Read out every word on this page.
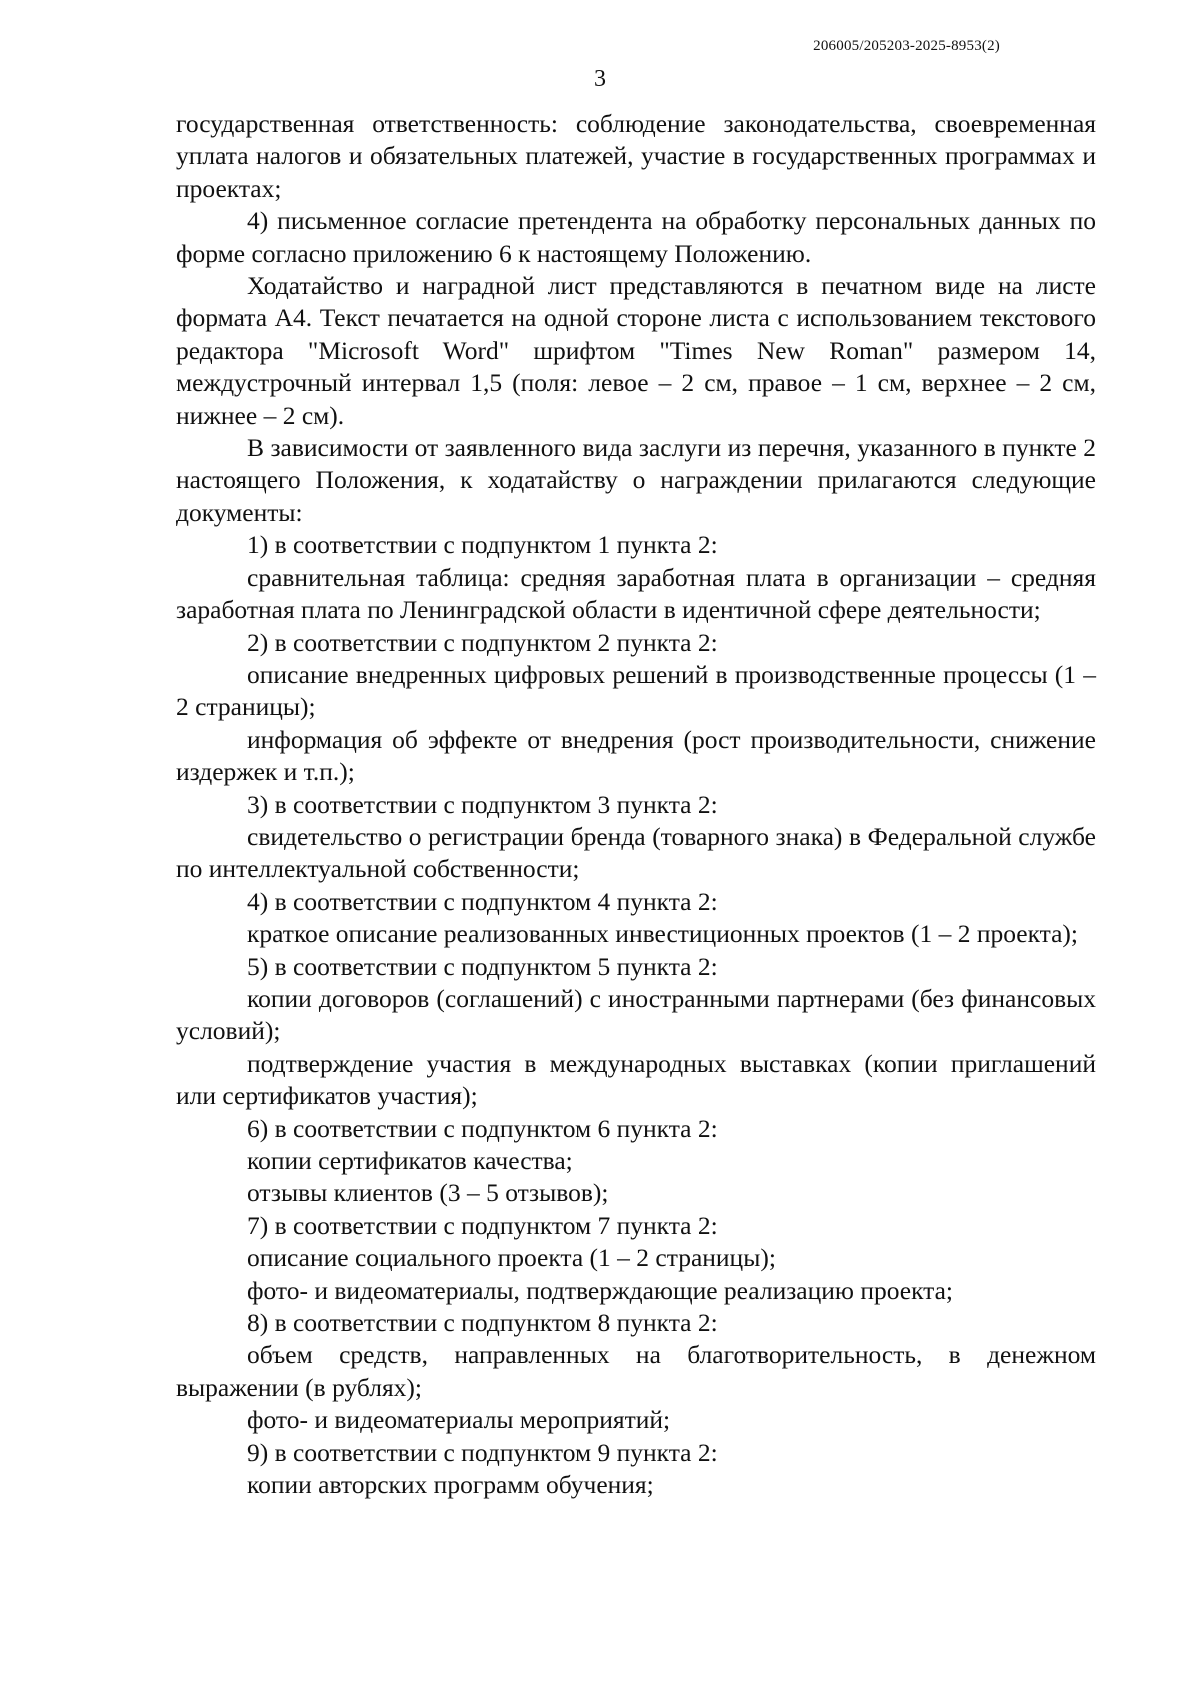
206005/205203-2025-8953(2)
3

государственная ответственность: соблюдение законодательства, своевременная уплата налогов и обязательных платежей, участие в государственных программах и проектах;

4) письменное согласие претендента на обработку персональных данных по форме согласно приложению 6 к настоящему Положению.

Ходатайство и наградной лист представляются в печатном виде на листе формата А4. Текст печатается на одной стороне листа с использованием текстового редактора "Microsoft Word" шрифтом "Times New Roman" размером 14, междустрочный интервал 1,5 (поля: левое – 2 см, правое – 1 см, верхнее – 2 см, нижнее – 2 см).

В зависимости от заявленного вида заслуги из перечня, указанного в пункте 2 настоящего Положения, к ходатайству о награждении прилагаются следующие документы:

1) в соответствии с подпунктом 1 пункта 2:

сравнительная таблица: средняя заработная плата в организации – средняя заработная плата по Ленинградской области в идентичной сфере деятельности;

2) в соответствии с подпунктом 2 пункта 2:

описание внедренных цифровых решений в производственные процессы (1 – 2 страницы);

информация об эффекте от внедрения (рост производительности, снижение издержек и т.п.);

3) в соответствии с подпунктом 3 пункта 2:

свидетельство о регистрации бренда (товарного знака) в Федеральной службе по интеллектуальной собственности;

4) в соответствии с подпунктом 4 пункта 2:

краткое описание реализованных инвестиционных проектов (1 – 2 проекта);

5) в соответствии с подпунктом 5 пункта 2:

копии договоров (соглашений) с иностранными партнерами (без финансовых условий);

подтверждение участия в международных выставках (копии приглашений или сертификатов участия);

6) в соответствии с подпунктом 6 пункта 2:

копии сертификатов качества;

отзывы клиентов (3 – 5 отзывов);

7) в соответствии с подпунктом 7 пункта 2:

описание социального проекта (1 – 2 страницы);

фото- и видеоматериалы, подтверждающие реализацию проекта;

8) в соответствии с подпунктом 8 пункта 2:

объем средств, направленных на благотворительность, в денежном выражении (в рублях);

фото- и видеоматериалы мероприятий;

9) в соответствии с подпунктом 9 пункта 2:

копии авторских программ обучения;
